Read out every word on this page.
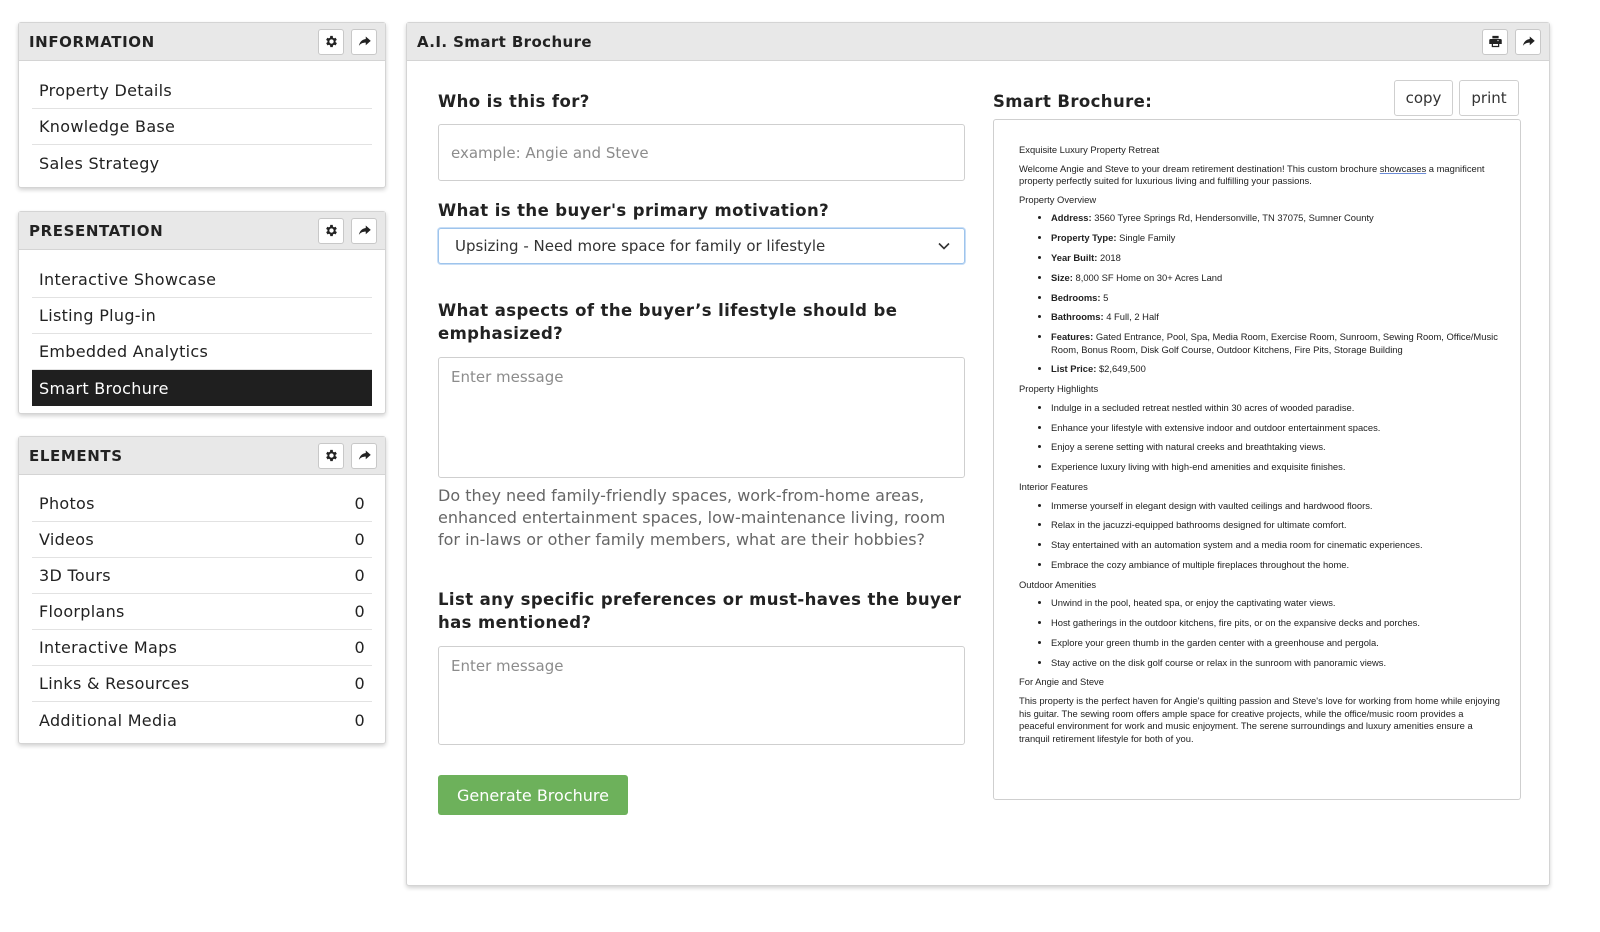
INFORMATION
Property Details
Knowledge Base
Sales Strategy
PRESENTATION
Interactive Showcase
Listing Plug-in
Embedded Analytics
Smart Brochure
ELEMENTS
Photos	0
Videos	0
3D Tours	0
Floorplans	0
Interactive Maps	0
Links & Resources	0
Additional Media	0
A.I. Smart Brochure
Who is this for?
example: Angie and Steve
What is the buyer's primary motivation?
Upsizing - Need more space for family or lifestyle
What aspects of the buyer’s lifestyle should be emphasized?
Enter message
Do they need family-friendly spaces, work-from-home areas, enhanced entertainment spaces, low-maintenance living, room for in-laws or other family members, what are their hobbies?
List any specific preferences or must-haves the buyer has mentioned?
Enter message
Generate Brochure
Smart Brochure:	copy	print

Exquisite Luxury Property Retreat

Welcome Angie and Steve to your dream retirement destination! This custom brochure showcases a magnificent property perfectly suited for luxurious living and fulfilling your passions.

Property Overview

• Address: 3560 Tyree Springs Rd, Hendersonville, TN 37075, Sumner County
• Property Type: Single Family
• Year Built: 2018
• Size: 8,000 SF Home on 30+ Acres Land
• Bedrooms: 5
• Bathrooms: 4 Full, 2 Half
• Features: Gated Entrance, Pool, Spa, Media Room, Exercise Room, Sunroom, Sewing Room, Office/Music Room, Bonus Room, Disk Golf Course, Outdoor Kitchens, Fire Pits, Storage Building
• List Price: $2,649,500

Property Highlights

• Indulge in a secluded retreat nestled within 30 acres of wooded paradise.
• Enhance your lifestyle with extensive indoor and outdoor entertainment spaces.
• Enjoy a serene setting with natural creeks and breathtaking views.
• Experience luxury living with high-end amenities and exquisite finishes.

Interior Features

• Immerse yourself in elegant design with vaulted ceilings and hardwood floors.
• Relax in the jacuzzi-equipped bathrooms designed for ultimate comfort.
• Stay entertained with an automation system and a media room for cinematic experiences.
• Embrace the cozy ambiance of multiple fireplaces throughout the home.

Outdoor Amenities

• Unwind in the pool, heated spa, or enjoy the captivating water views.
• Host gatherings in the outdoor kitchens, fire pits, or on the expansive decks and porches.
• Explore your green thumb in the garden center with a greenhouse and pergola.
• Stay active on the disk golf course or relax in the sunroom with panoramic views.

For Angie and Steve

This property is the perfect haven for Angie's quilting passion and Steve's love for working from home while enjoying his guitar. The sewing room offers ample space for creative projects, while the office/music room provides a peaceful environment for work and music enjoyment. The serene surroundings and luxury amenities ensure a tranquil retirement lifestyle for both of you.
